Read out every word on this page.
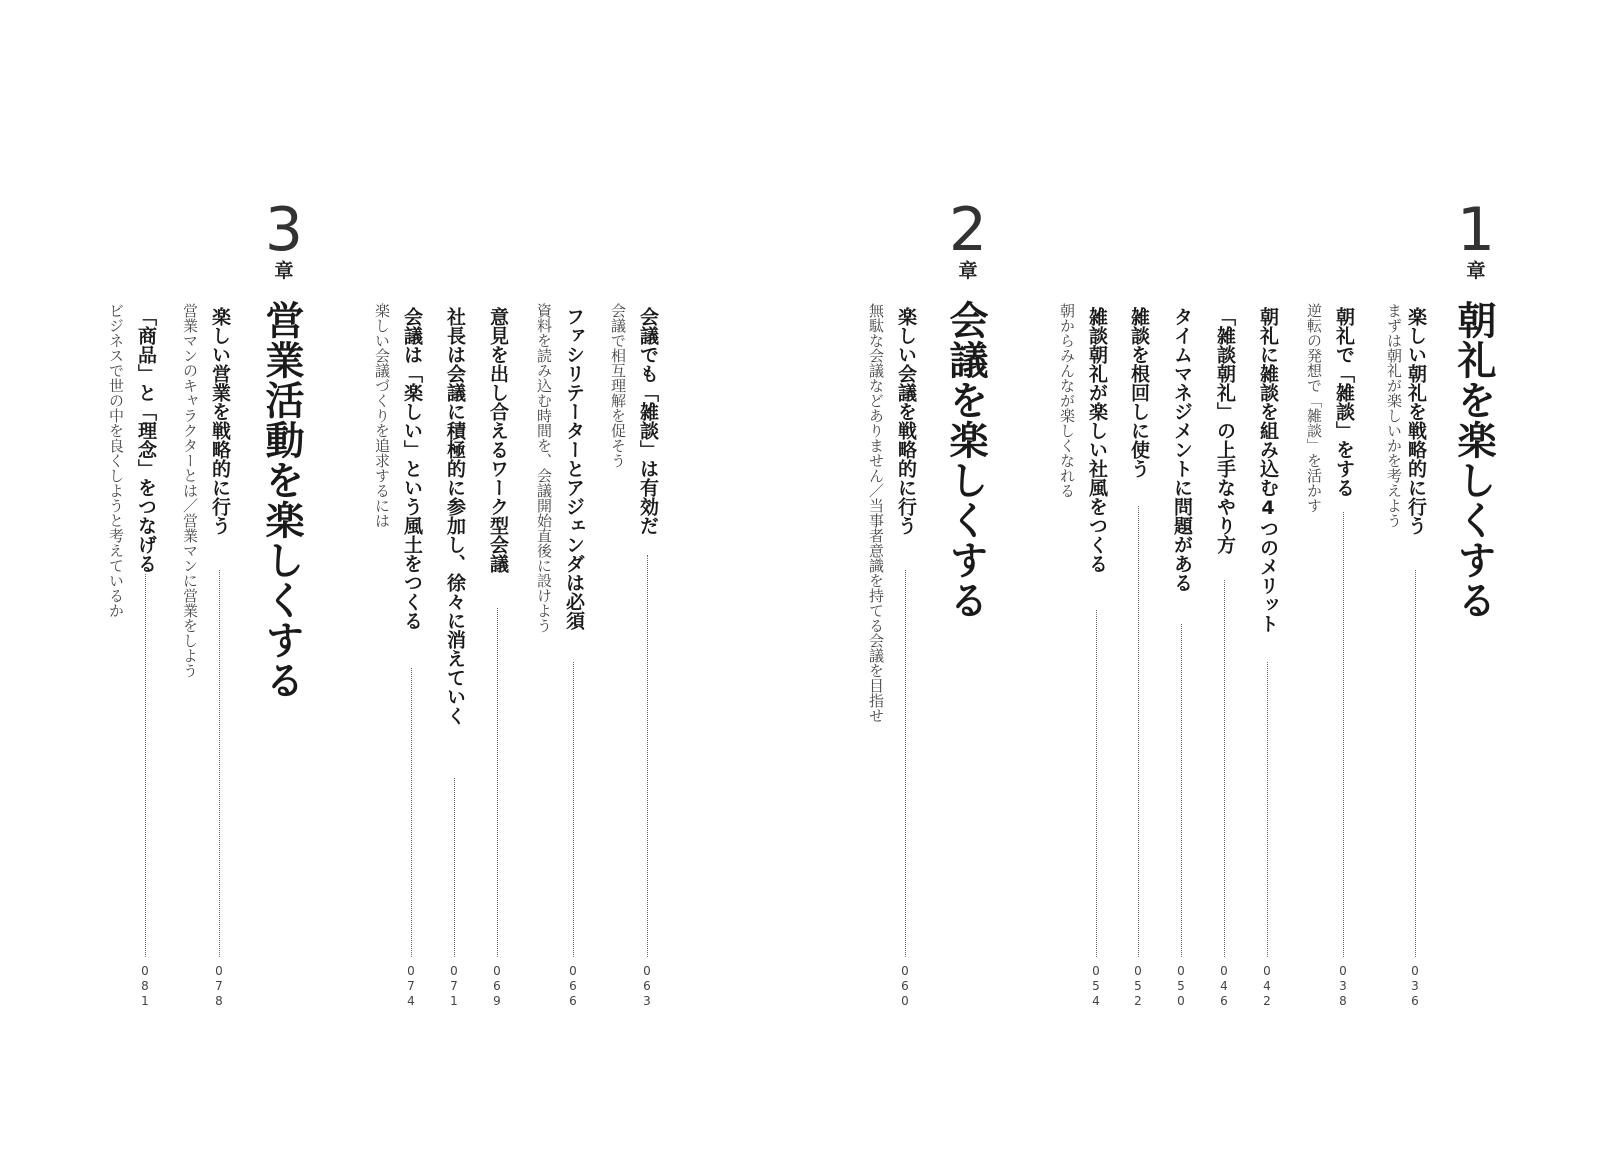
1
章
朝礼を楽しくする
楽しい朝礼を戦略的に行う
まずは朝礼が楽しいかを考えよう
0
3
6
朝礼で「雑談」をする
逆転の発想で「雑談」を活かす
0
3
8
朝礼に雑談を組み込む4つのメリット
0
4
2
「雑談朝礼」の上手なやり方
0
4
6
タイムマネジメントに問題がある
0
5
0
雑談を根回しに使う
0
5
2
雑談朝礼が楽しい社風をつくる
朝からみんなが楽しくなれる
0
5
4
2
章
会議を楽しくする
楽しい会議を戦略的に行う
無駄な会議などありません／当事者意識を持てる会議を目指せ
0
6
0
会議でも「雑談」は有効だ
会議で相互理解を促そう
0
6
3
ファシリテーターとアジェンダは必須
資料を読み込む時間を、会議開始直後に設けよう
0
6
6
意見を出し合えるワーク型会議
0
6
9
社長は会議に積極的に参加し、徐々に消えていく
0
7
1
会議は「楽しい」という風土をつくる
楽しい会議づくりを追求するには
0
7
4
3
章
営業活動を楽しくする
楽しい営業を戦略的に行う
営業マンのキャラクターとは／営業マンに営業をしよう
0
7
8
「商品」と「理念」をつなげる
ビジネスで世の中を良くしようと考えているか
0
8
1
